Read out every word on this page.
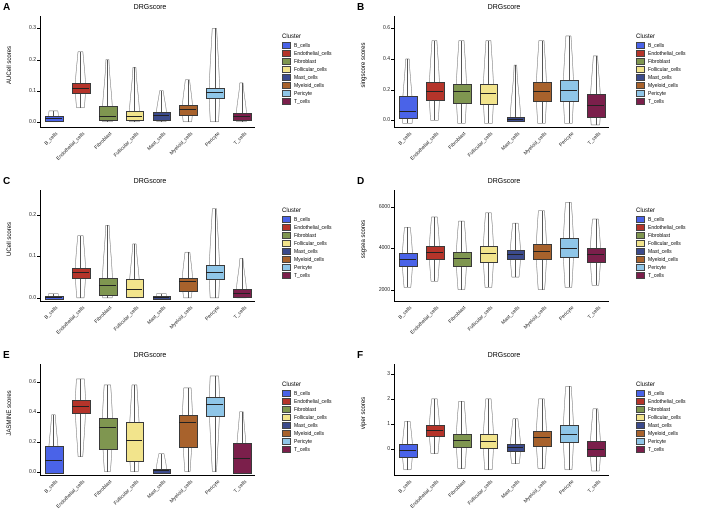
A	DRGscore
AUCell scores
0.0
0.1
0.2
0.3
B_cells
Endothelial_cells	Fibroblast Follicular_cells	Mast_cells Myeloid_cells	Pericyte	T_cells
Cluster
B_cells
Endothelial_cells
Fibroblast
Follicular_cells
Mast_cells
Myeloid_cells
Pericyte
T_cells
B	DRGscore
singscore scores
0.0
0.2
0.4
0.6
B_cells
Endothelial_cells	Fibroblast Follicular_cells	Mast_cells Myeloid_cells	Pericyte	T_cells
Cluster
B_cells
Endothelial_cells
Fibroblast
Follicular_cells
Mast_cells
Myeloid_cells
Pericyte
T_cells
C	DRGscore
UCell scores
0.0
0.1
0.2
B_cells
Endothelial_cells	Fibroblast Follicular_cells	Mast_cells Myeloid_cells	Pericyte	T_cells
Cluster
B_cells
Endothelial_cells
Fibroblast
Follicular_cells
Mast_cells
Myeloid_cells
Pericyte
T_cells
D	DRGscore
ssgsea scores
2000
4000
6000
B_cells
Endothelial_cells	Fibroblast Follicular_cells	Mast_cells Myeloid_cells	Pericyte	T_cells
Cluster
B_cells
Endothelial_cells
Fibroblast
Follicular_cells
Mast_cells
Myeloid_cells
Pericyte
T_cells
E	DRGscore
JASMINE scores
0.0
0.2
0.4
0.6
B_cells
Endothelial_cells	Fibroblast Follicular_cells	Mast_cells Myeloid_cells	Pericyte	T_cells
Cluster
B_cells
Endothelial_cells
Fibroblast
Follicular_cells
Mast_cells
Myeloid_cells
Pericyte
T_cells
F	DRGscore
viper scores
0
1
2
3
B_cells
Endothelial_cells	Fibroblast Follicular_cells	Mast_cells Myeloid_cells	Pericyte	T_cells
Cluster
B_cells
Endothelial_cells
Fibroblast
Follicular_cells
Mast_cells
Myeloid_cells
Pericyte
T_cells
